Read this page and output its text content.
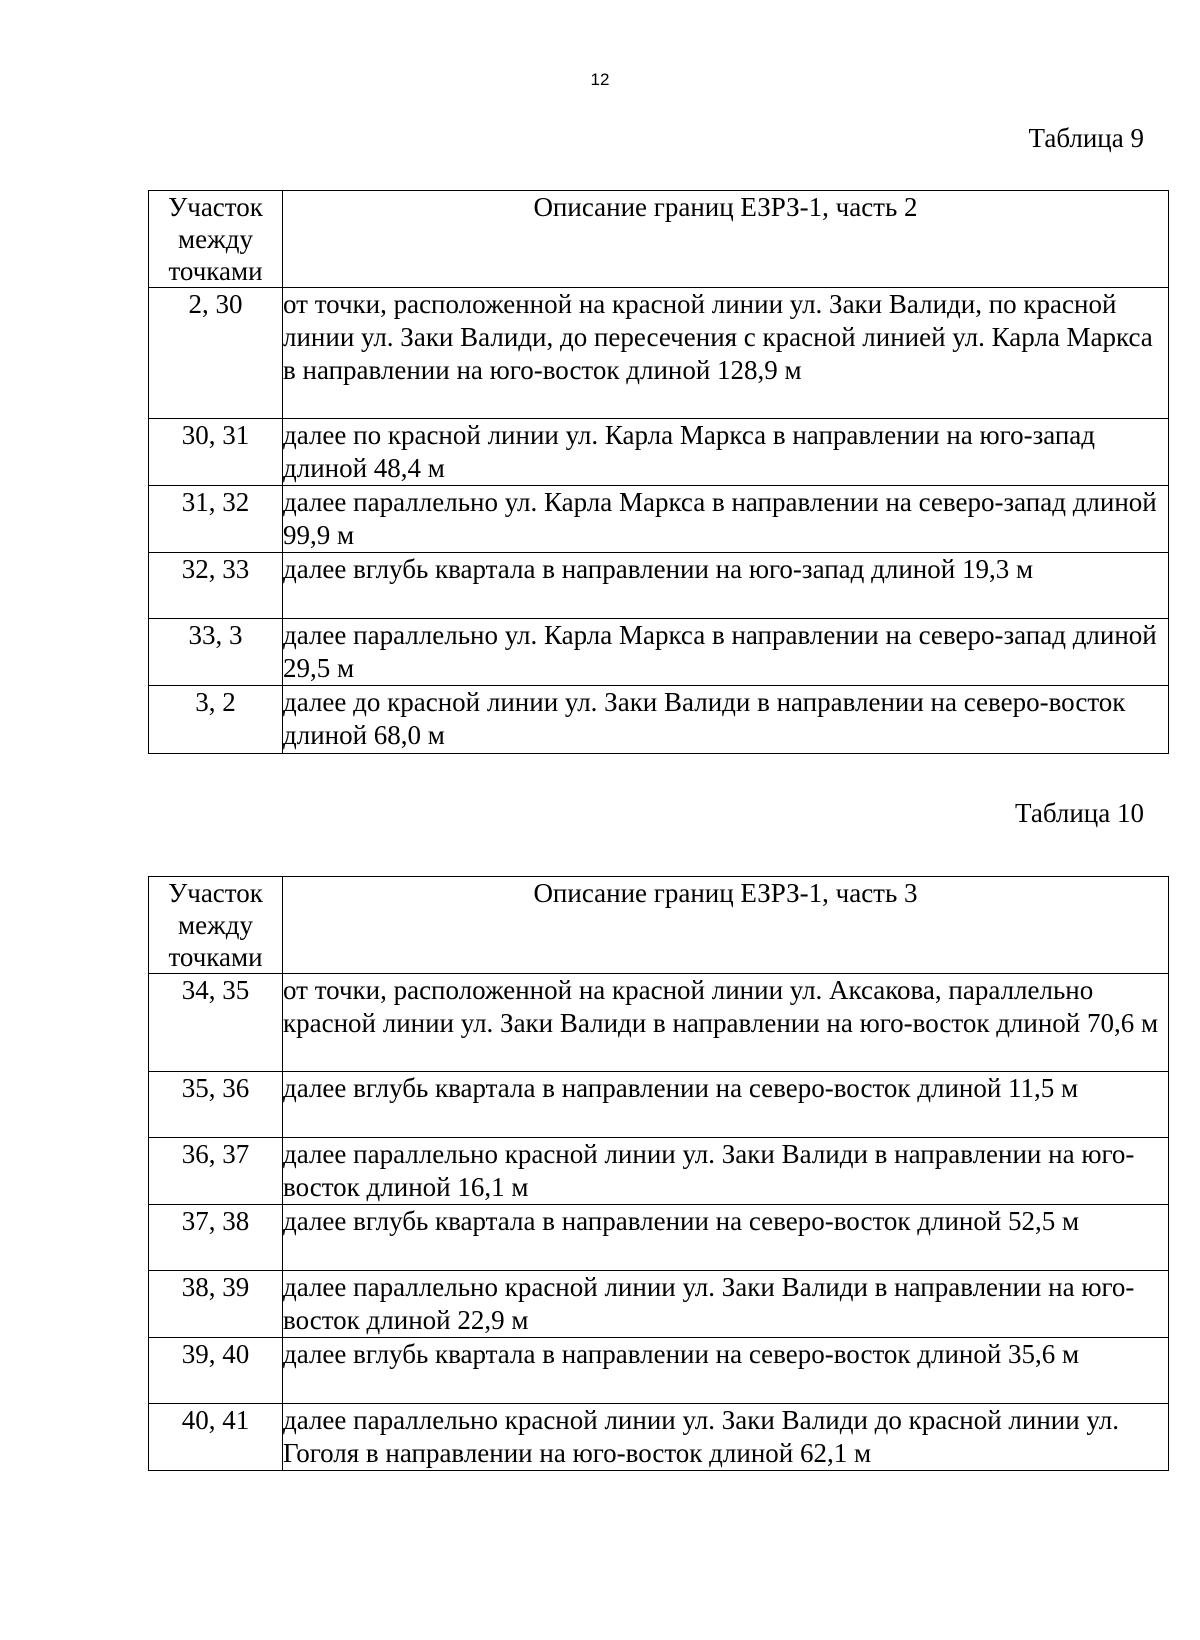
12
Таблица 9
Участок
между
точками	Описание границ ЕЗРЗ-1, часть 2
2, 30	от точки, расположенной на красной линии ул. Заки Валиди, по красной линии ул. Заки Валиди, до пересечения с красной линией ул. Карла Маркса в направлении на юго-восток длиной 128,9 м
30, 31	далее по красной линии ул. Карла Маркса в направлении на юго-запад длиной 48,4 м
31, 32	далее параллельно ул. Карла Маркса в направлении на северо-запад длиной 99,9 м
32, 33	далее вглубь квартала в направлении на юго-запад длиной 19,3 м
33, 3	далее параллельно ул. Карла Маркса в направлении на северо-запад длиной 29,5 м
3, 2	далее до красной линии ул. Заки Валиди в направлении на северо-восток длиной 68,0 м
Таблица 10
Участок
между
точками	Описание границ ЕЗРЗ-1, часть 3
34, 35	от точки, расположенной на красной линии ул. Аксакова, параллельно красной линии ул. Заки Валиди в направлении на юго-восток длиной 70,6 м
35, 36	далее вглубь квартала в направлении на северо-восток длиной 11,5 м
36, 37	далее параллельно красной линии ул. Заки Валиди в направлении на юго-восток длиной 16,1 м
37, 38	далее вглубь квартала в направлении на северо-восток длиной 52,5 м
38, 39	далее параллельно красной линии ул. Заки Валиди в направлении на юго-восток длиной 22,9 м
39, 40	далее вглубь квартала в направлении на северо-восток длиной 35,6 м
40, 41	далее параллельно красной линии ул. Заки Валиди до красной линии ул. Гоголя в направлении на юго-восток длиной 62,1 м
